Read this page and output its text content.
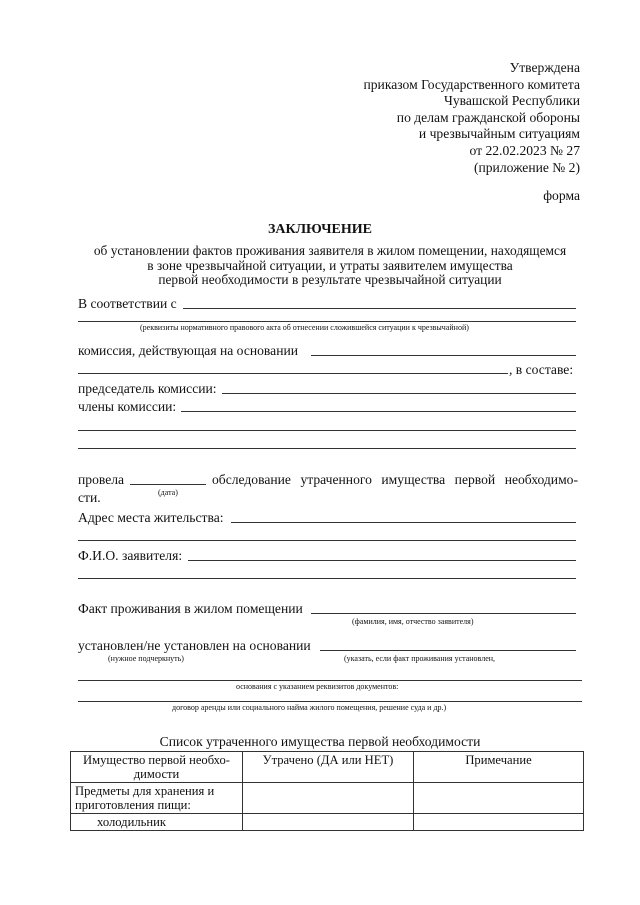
Утверждена
приказом Государственного комитета
Чувашской Республики
по делам гражданской обороны
и чрезвычайным ситуациям
от 22.02.2023 № 27
(приложение № 2)
форма
ЗАКЛЮЧЕНИЕ
об установлении фактов проживания заявителя в жилом помещении, находящемся
в зоне чрезвычайной ситуации, и утраты заявителем имущества
первой необходимости в результате чрезвычайной ситуации
В соответствии с
(реквизиты нормативного правового акта об отнесении сложившейся ситуации к чрезвычайной)
комиссия, действующая на основании
, в составе:
председатель комиссии:
члены комиссии:
провела	обследование утраченного имущества первой необходимо-
сти.	(дата)
Адрес места жительства:
Ф.И.О. заявителя:
Факт проживания в жилом помещении
(фамилия, имя, отчество заявителя)
установлен/не установлен на основании
(нужное подчеркнуть)	(указать, если факт проживания установлен,
основания с указанием реквизитов документов:
договор аренды или социального найма жилого помещения, решение суда и др.)
Список утраченного имущества первой необходимости
Имущество первой необхо-димости	Утрачено (ДА или НЕТ)	Примечание
Предметы для хранения и приготовления пищи:		
холодильник		
